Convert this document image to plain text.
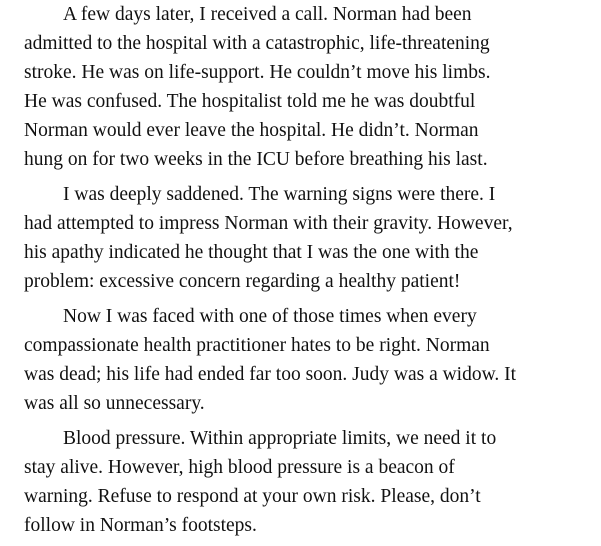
A few days later, I received a call. Norman had been
admitted to the hospital with a catastrophic, life-threatening
stroke. He was on life-support. He couldn’t move his limbs.
He was confused. The hospitalist told me he was doubtful
Norman would ever leave the hospital. He didn’t. Norman
hung on for two weeks in the ICU before breathing his last.

I was deeply saddened. The warning signs were there. I
had attempted to impress Norman with their gravity. However,
his apathy indicated he thought that I was the one with the
problem: excessive concern regarding a healthy patient!

Now I was faced with one of those times when every
compassionate health practitioner hates to be right. Norman
was dead; his life had ended far too soon. Judy was a widow. It
was all so unnecessary.

Blood pressure. Within appropriate limits, we need it to
stay alive. However, high blood pressure is a beacon of
warning. Refuse to respond at your own risk. Please, don’t
follow in Norman’s footsteps.
